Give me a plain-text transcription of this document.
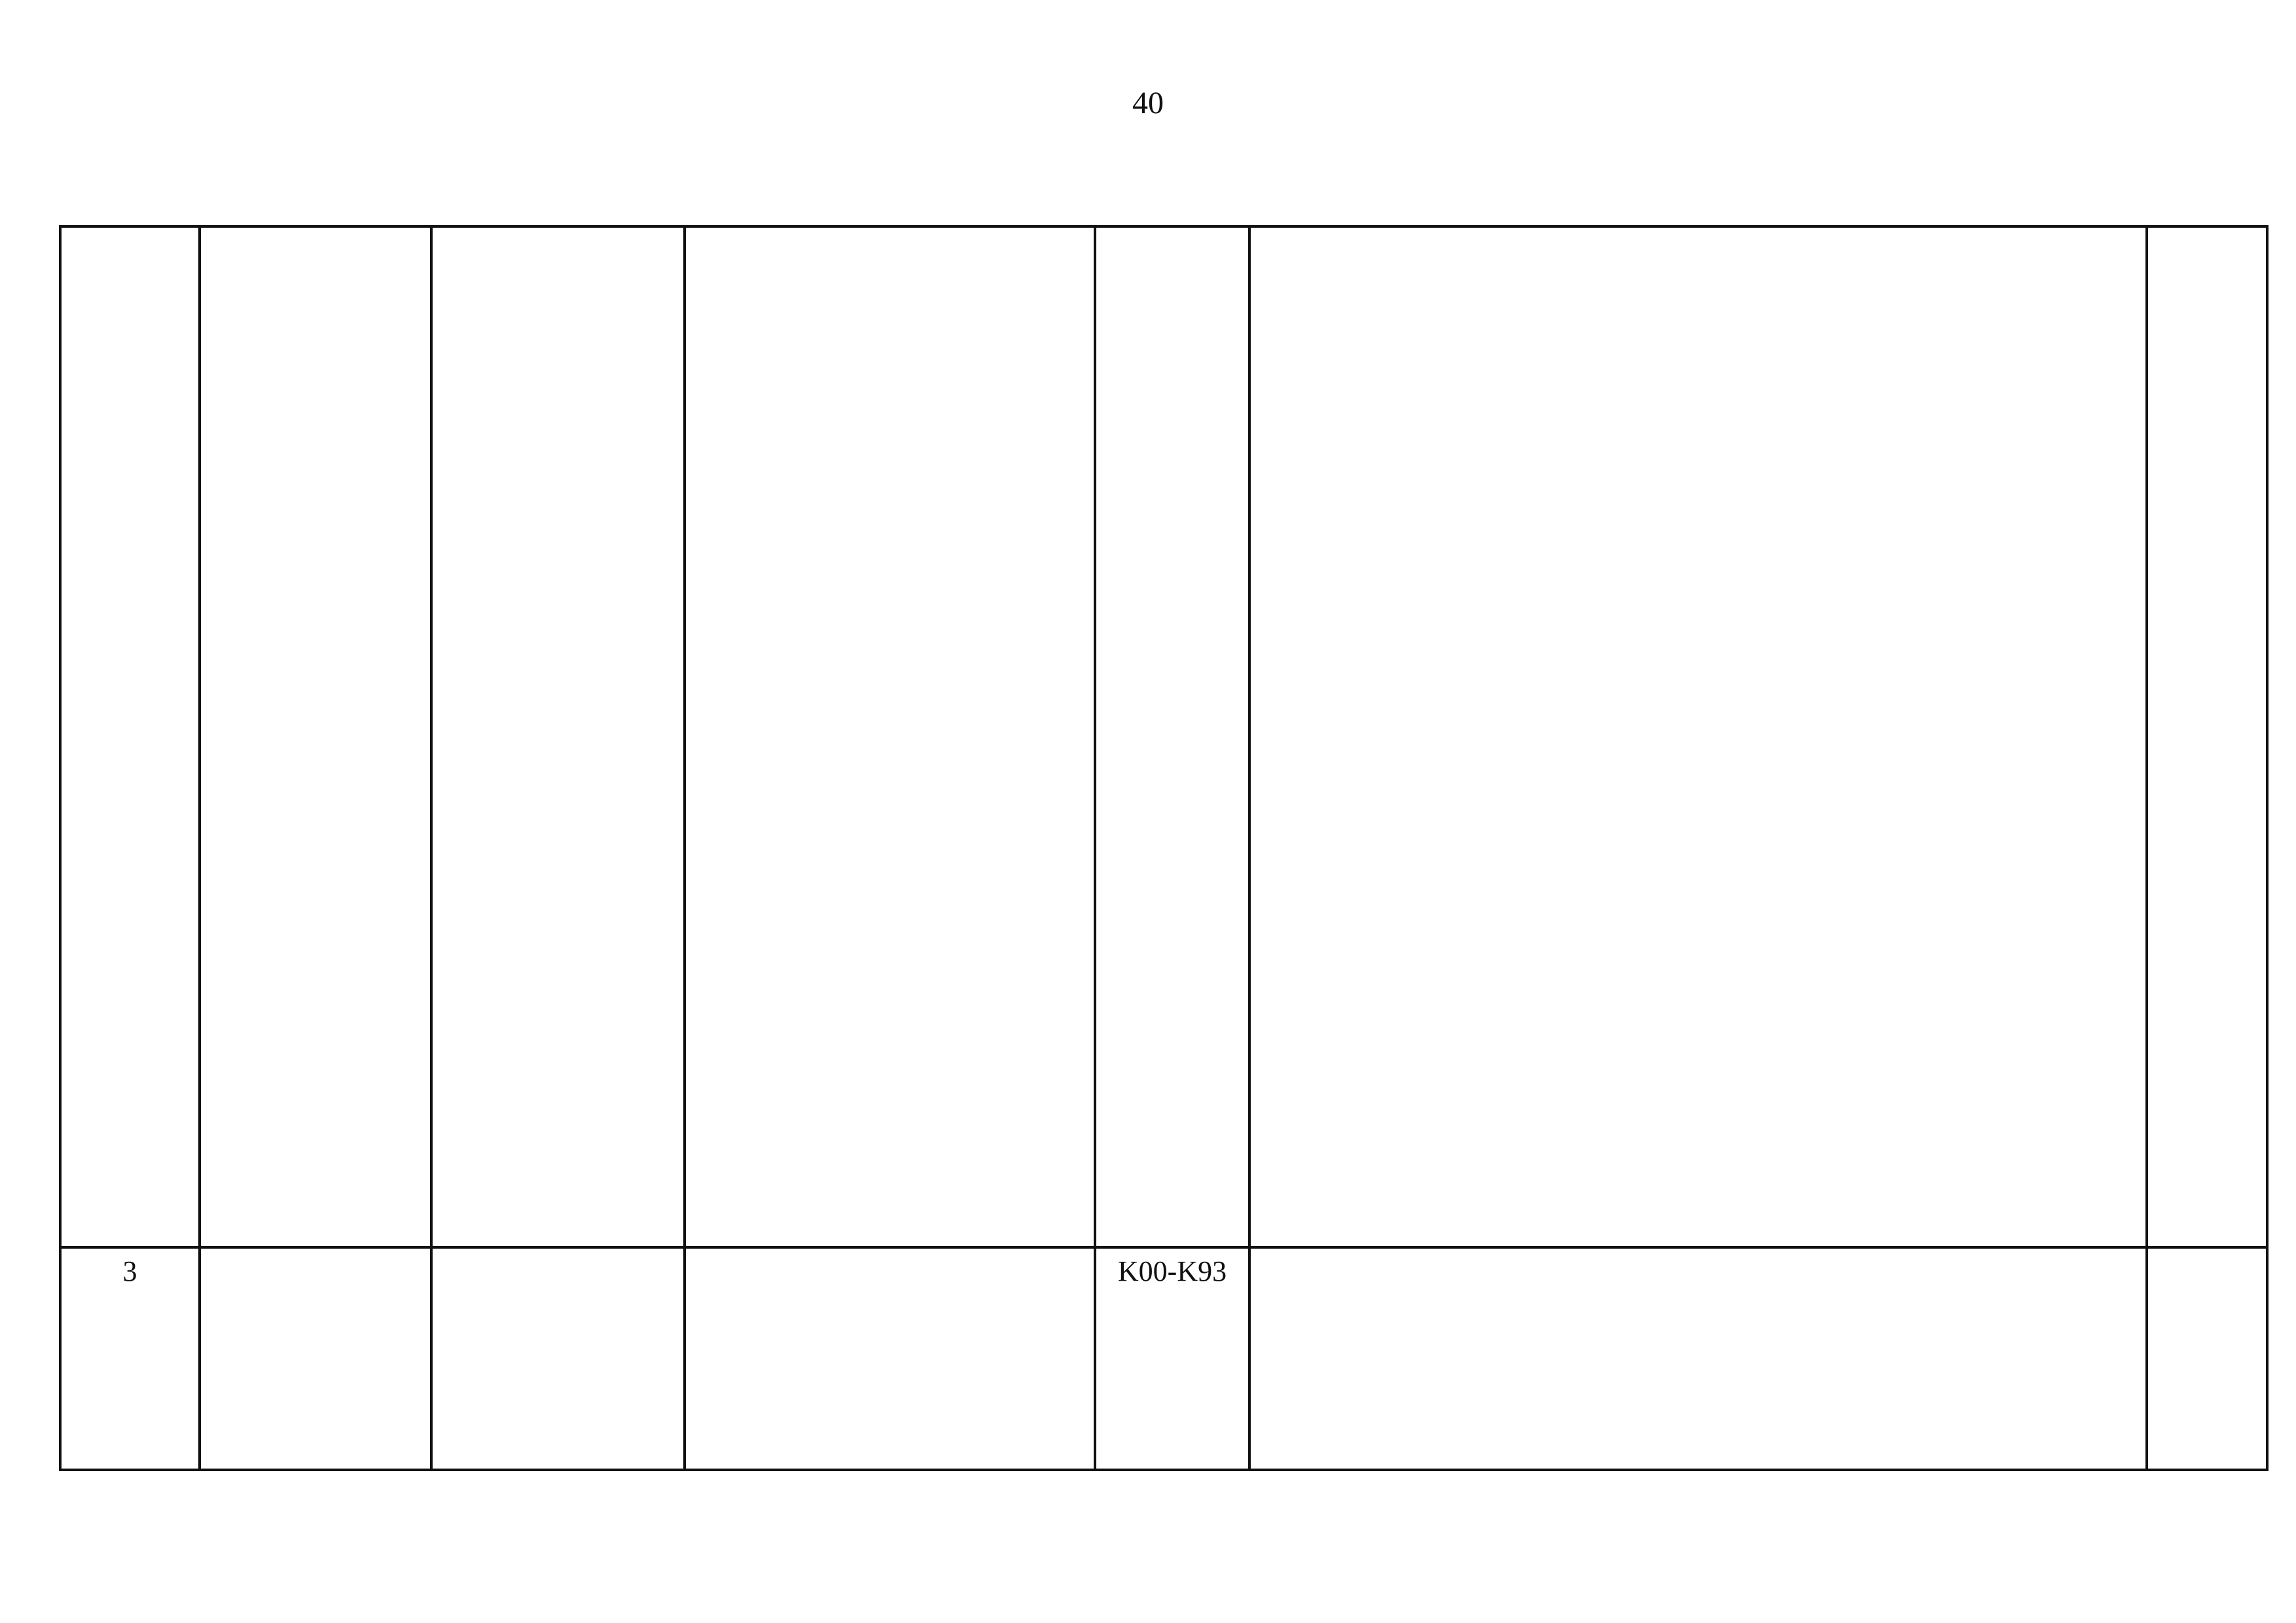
40

3				K00-K93		
